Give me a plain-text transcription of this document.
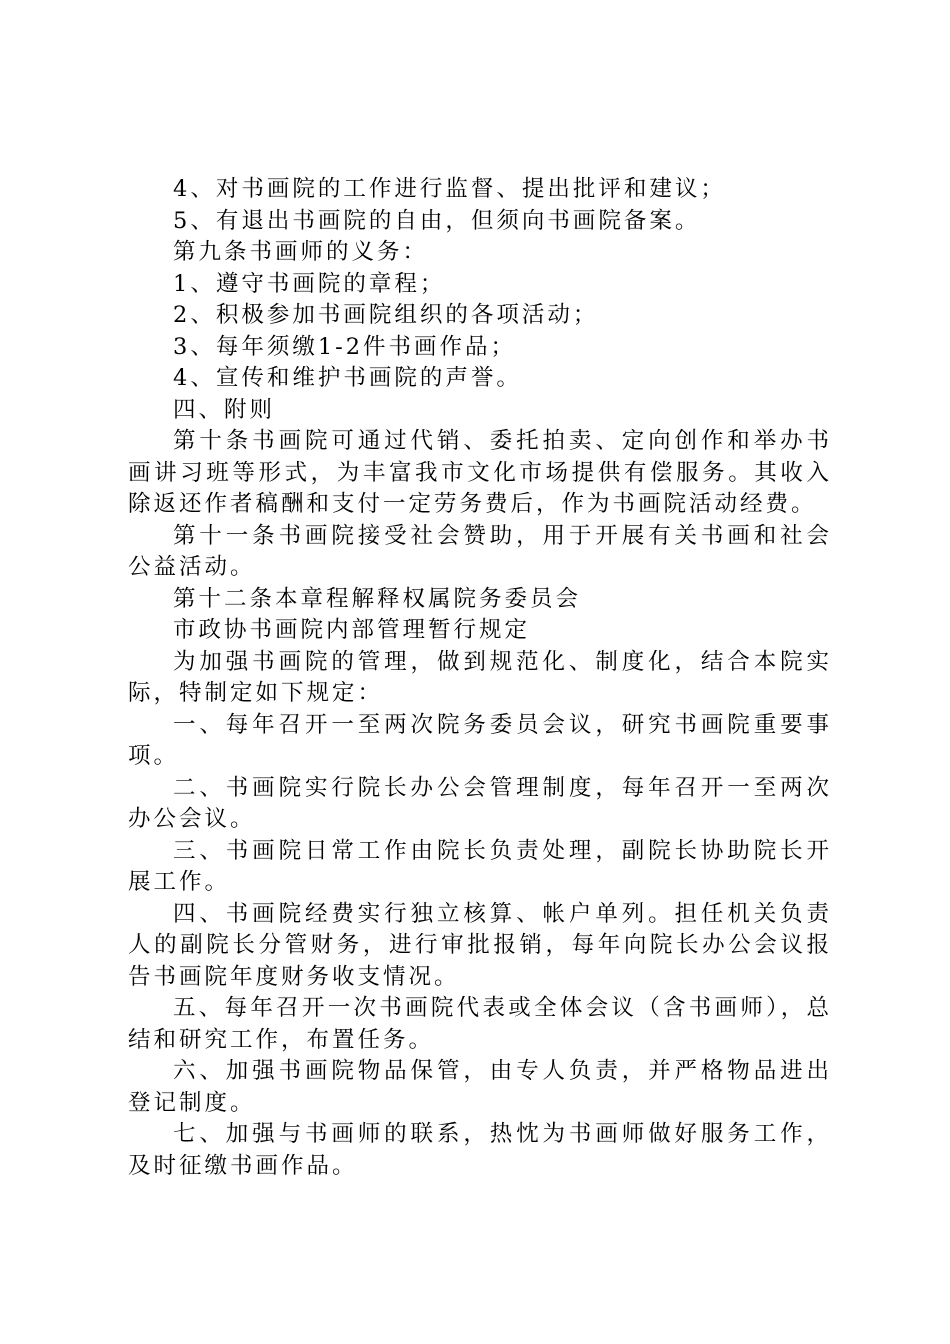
4、对书画院的工作进行监督、提出批评和建议；

5、有退出书画院的自由，但须向书画院备案。

第九条书画师的义务：

1、遵守书画院的章程；

2、积极参加书画院组织的各项活动；

3、每年须缴1-2件书画作品；

4、宣传和维护书画院的声誉。

四、附则

第十条书画院可通过代销、委托拍卖、定向创作和举办书画讲习班等形式，为丰富我市文化市场提供有偿服务。其收入除返还作者稿酬和支付一定劳务费后，作为书画院活动经费。

第十一条书画院接受社会赞助，用于开展有关书画和社会公益活动。

第十二条本章程解释权属院务委员会

市政协书画院内部管理暂行规定

为加强书画院的管理，做到规范化、制度化，结合本院实际，特制定如下规定：

一、每年召开一至两次院务委员会议，研究书画院重要事项。

二、书画院实行院长办公会管理制度，每年召开一至两次办公会议。

三、书画院日常工作由院长负责处理，副院长协助院长开展工作。

四、书画院经费实行独立核算、帐户单列。担任机关负责人的副院长分管财务，进行审批报销，每年向院长办公会议报告书画院年度财务收支情况。

五、每年召开一次书画院代表或全体会议（含书画师），总结和研究工作，布置任务。

六、加强书画院物品保管，由专人负责，并严格物品进出登记制度。

七、加强与书画师的联系，热忱为书画师做好服务工作，及时征缴书画作品。
